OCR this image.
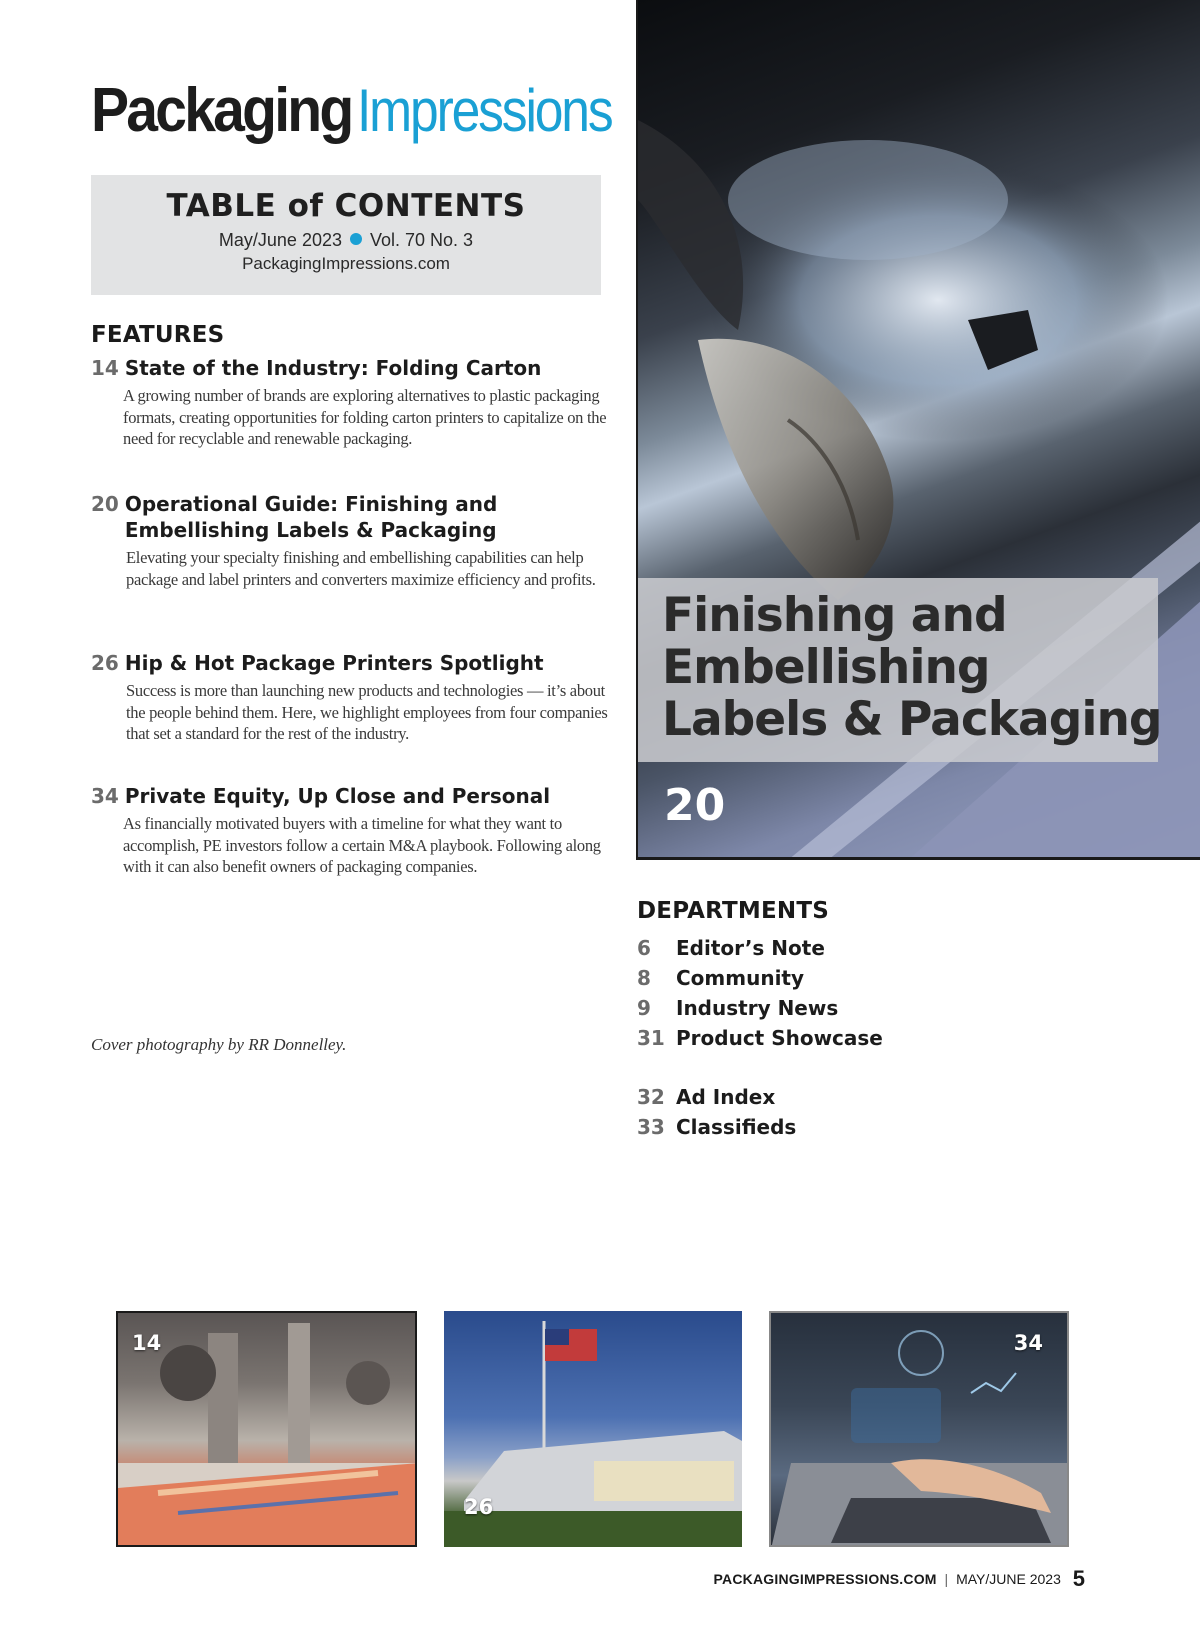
Packaging Impressions
TABLE of CONTENTS
May/June 2023 Vol. 70 No. 3
PackagingImpressions.com
FEATURES
14 State of the Industry: Folding Carton
A growing number of brands are exploring alternatives to plastic packaging formats, creating opportunities for folding carton printers to capitalize on the need for recyclable and renewable packaging.
20 Operational Guide: Finishing and Embellishing Labels & Packaging
Elevating your specialty finishing and embellishing capabilities can help package and label printers and converters maximize efficiency and profits.
26 Hip & Hot Package Printers Spotlight
Success is more than launching new products and technologies — it’s about the people behind them. Here, we highlight employees from four companies that set a standard for the rest of the industry.
34 Private Equity, Up Close and Personal
As financially motivated buyers with a timeline for what they want to accomplish, PE investors follow a certain M&A playbook. Following along with it can also benefit owners of packaging companies.
Cover photography by RR Donnelley.
Finishing and
Embellishing
Labels & Packaging
20
DEPARTMENTS
6	Editor’s Note
8	Community
9	Industry News
31 Product Showcase
32 Ad Index
33 Classifieds
14
26
34
PACKAGINGIMPRESSIONS.COM | MAY/JUNE 2023 5
